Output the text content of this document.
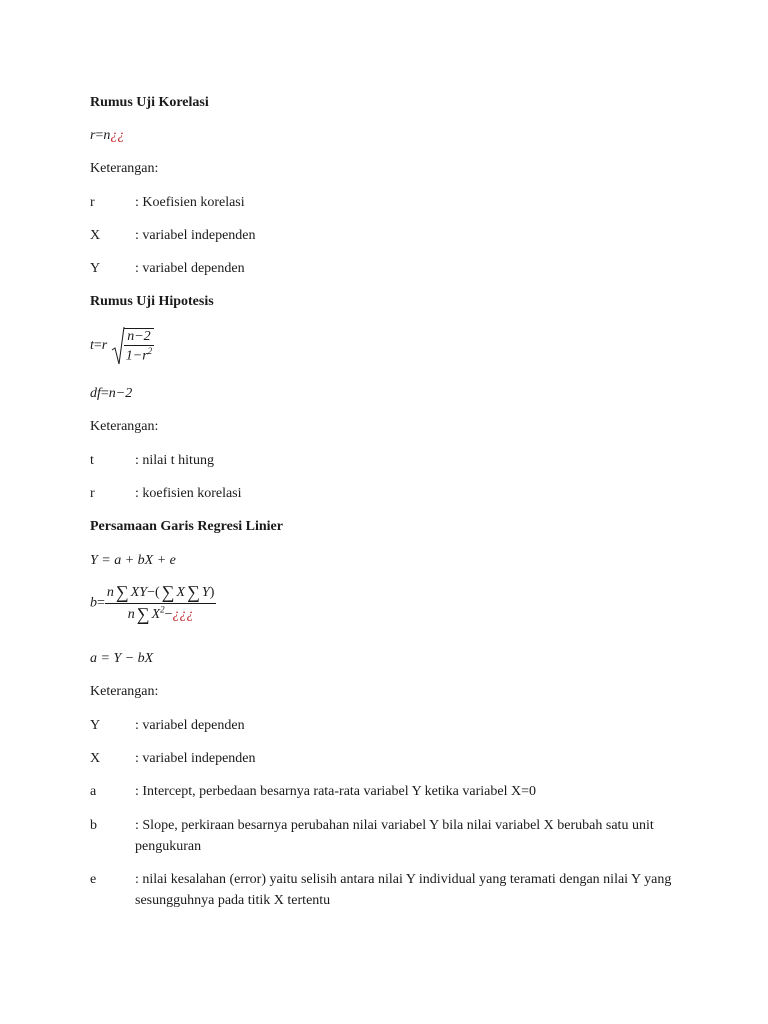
Rumus Uji Korelasi
r=n¿¿
Keterangan:
r	: Koefisien korelasi
X	: variabel independen
Y	: variabel dependen
Rumus Uji Hipotesis
$t=r \frac{n-2}{1-r^2}$
df=n−2
Keterangan:
t	: nilai t hitung
r	: koefisien korelasi
Persamaan Garis Regresi Linier
Y = a + bX + e
$b= \frac{n \sum XY-( \sum X \sum Y)}{n \sum X^2-¿¿¿}$
a = Y − bX
Keterangan:
Y	: variabel dependen
X	: variabel independen
a	: Intercept, perbedaan besarnya rata-rata variabel Y ketika variabel X=0
b	: Slope, perkiraan besarnya perubahan nilai variabel Y bila nilai variabel X berubah satu unit pengukuran
e	: nilai kesalahan (error) yaitu selisih antara nilai Y individual yang teramati dengan nilai Y yang sesungguhnya pada titik X tertentu
